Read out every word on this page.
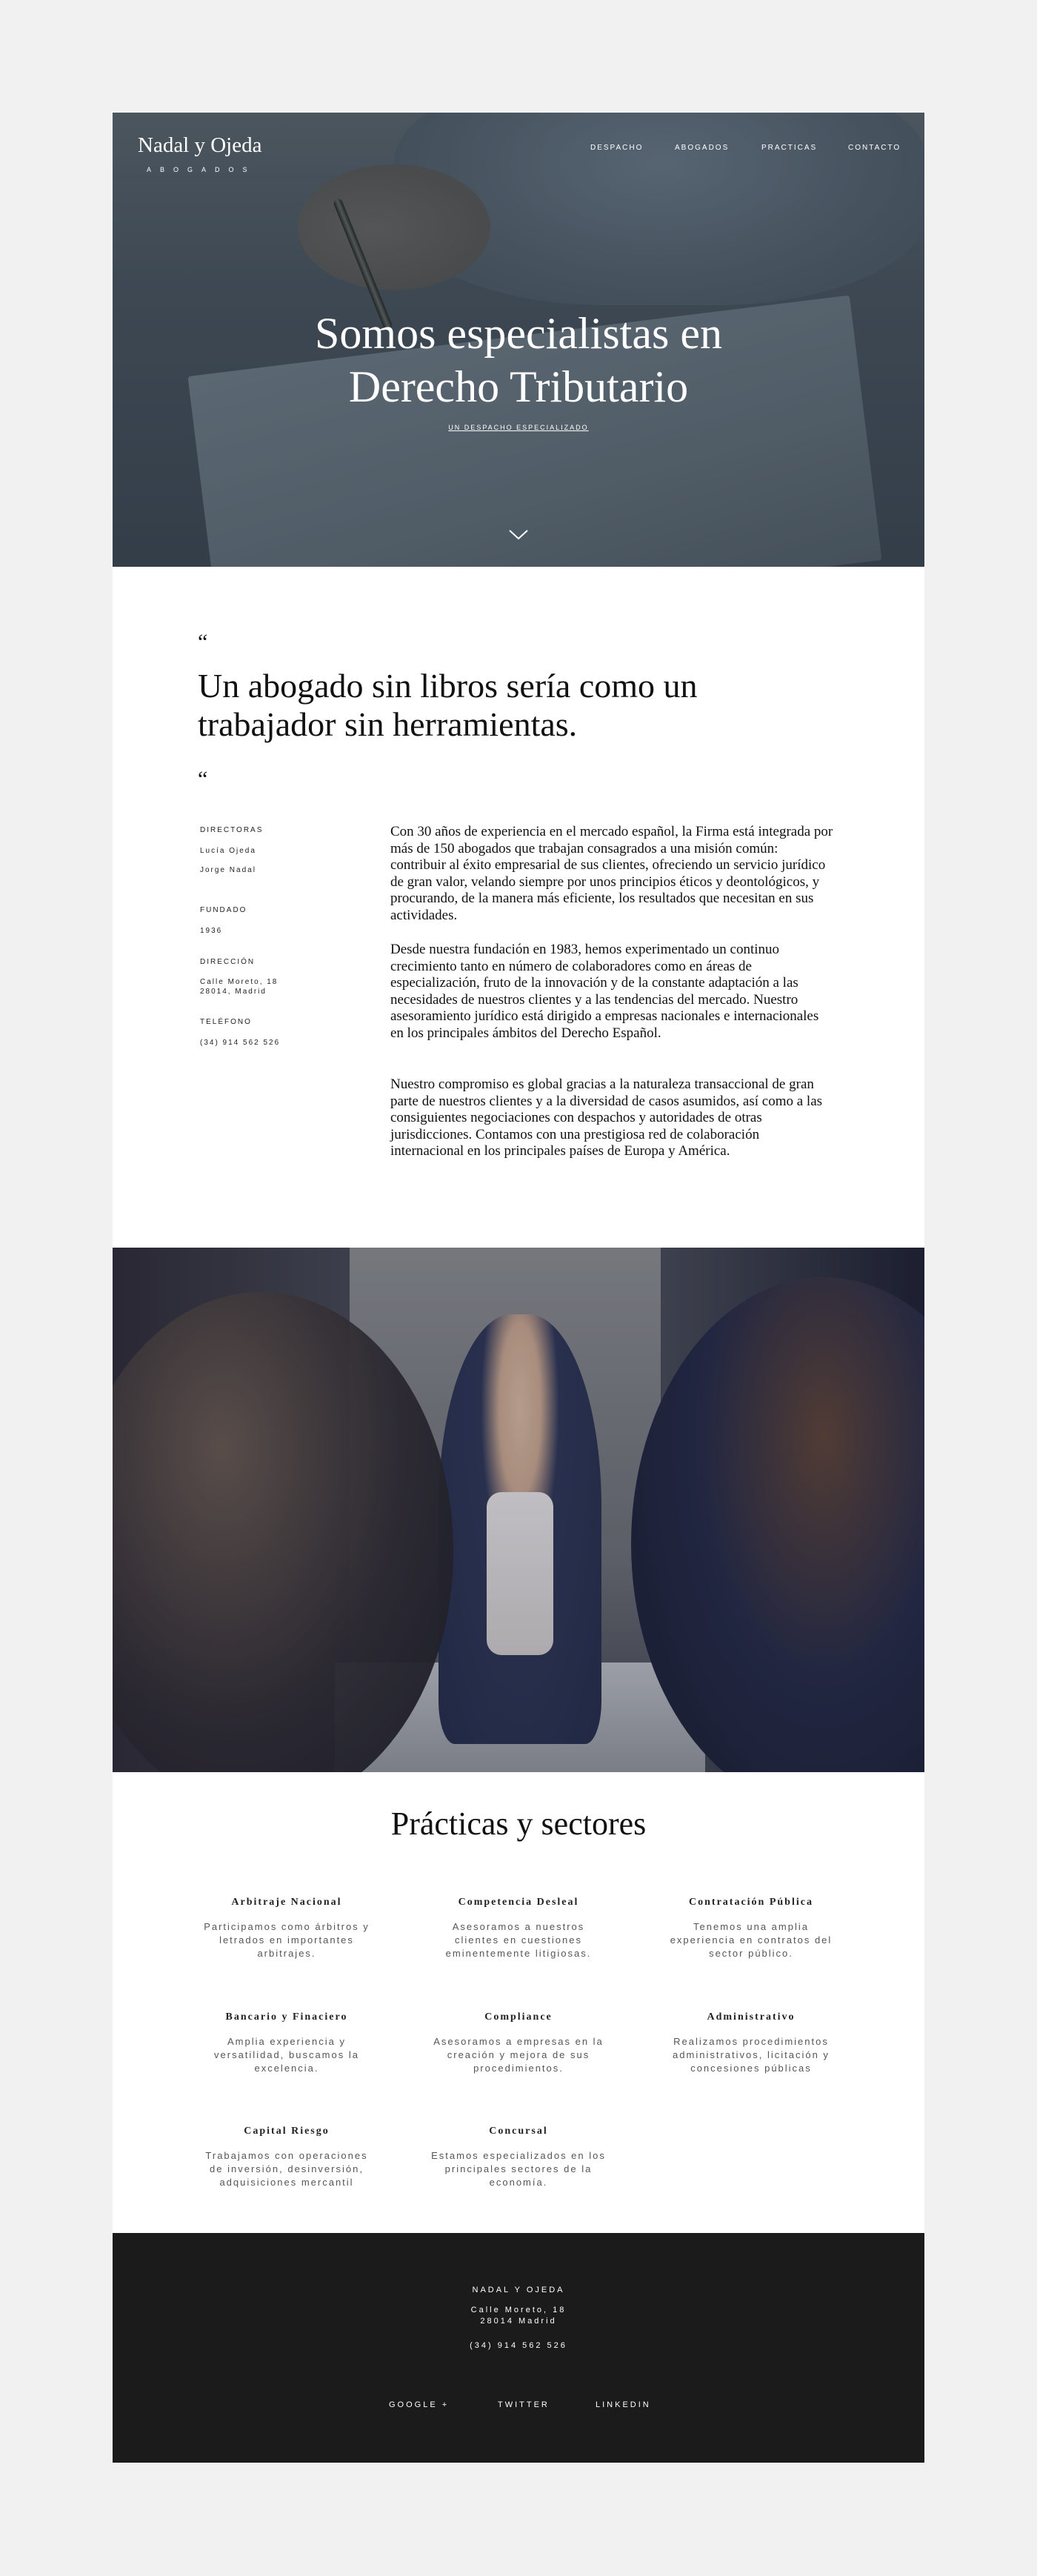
Nadal y Ojeda
ABOGADOS
DESPACHO	ABOGADOS	PRACTICAS	CONTACTO
Somos especialistas en
Derecho Tributario
UN DESPACHO ESPECIALIZADO
“
Un abogado sin libros sería como un
trabajador sin herramientas.
“
DIRECTORAS
Lucía Ojeda
Jorge Nadal
FUNDADO
1936
DIRECCIÓN
Calle Moreto, 18
28014, Madrid
TELÉFONO
(34) 914 562 526

Con 30 años de experiencia en el mercado español, la Firma está integrada por más de 150 abogados que trabajan consagrados a una misión común: contribuir al éxito empresarial de sus clientes, ofreciendo un servicio jurídico de gran valor, velando siempre por unos principios éticos y deontológicos, y procurando, de la manera más eficiente, los resultados que necesitan en sus actividades.

Desde nuestra fundación en 1983, hemos experimentado un continuo crecimiento tanto en número de colaboradores como en áreas de especialización, fruto de la innovación y de la constante adaptación a las necesidades de nuestros clientes y a las tendencias del mercado. Nuestro asesoramiento jurídico está dirigido a empresas nacionales e internacionales en los principales ámbitos del Derecho Español.

Nuestro compromiso es global gracias a la naturaleza transaccional de gran parte de nuestros clientes y a la diversidad de casos asumidos, así como a las consiguientes negociaciones con despachos y autoridades de otras jurisdicciones. Contamos con una prestigiosa red de colaboración internacional en los principales países de Europa y América.

Prácticas y sectores
Arbitraje Nacional
Participamos como árbitros y letrados en importantes arbitrajes.
Competencia Desleal
Asesoramos a nuestros clientes en cuestiones eminentemente litigiosas.
Contratación Pública
Tenemos una amplia experiencia en contratos del sector público.
Bancario y Finaciero
Amplia experiencia y versatilidad, buscamos la excelencia.
Compliance
Asesoramos a empresas en la creación y mejora de sus procedimientos.
Administrativo
Realizamos procedimientos administrativos, licitación y concesiones públicas
Capital Riesgo
Trabajamos con operaciones de inversión, desinversión, adquisiciones mercantil
Concursal
Estamos especializados en los principales sectores de la economía.
NADAL Y OJEDA
Calle Moreto, 18
28014 Madrid
(34) 914 562 526
GOOGLE +	TWITTER	LINKEDIN
